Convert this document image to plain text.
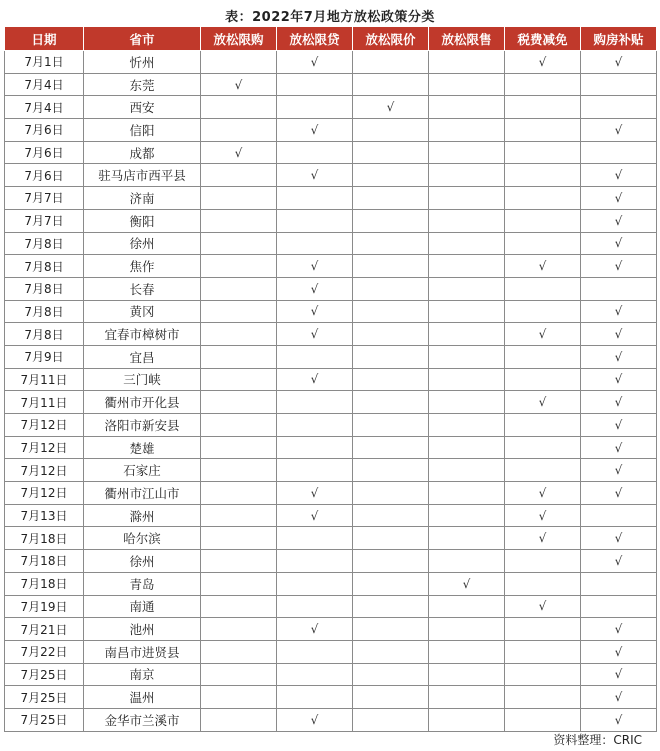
表：2022年7月地方放松政策分类
日期	省市	放松限购	放松限贷	放松限价	放松限售	税费减免	购房补贴
7月1日	忻州		√			√	√
7月4日	东莞	√					
7月4日	西安			√			
7月6日	信阳		√				√
7月6日	成都	√					
7月6日	驻马店市西平县		√				√
7月7日	济南						√
7月7日	衡阳						√
7月8日	徐州						√
7月8日	焦作		√			√	√
7月8日	长春		√				
7月8日	黄冈		√				√
7月8日	宜春市樟树市		√			√	√
7月9日	宜昌						√
7月11日	三门峡		√				√
7月11日	衢州市开化县					√	√
7月12日	洛阳市新安县						√
7月12日	楚雄						√
7月12日	石家庄						√
7月12日	衢州市江山市		√			√	√
7月13日	滁州		√			√	
7月18日	哈尔滨					√	√
7月18日	徐州						√
7月18日	青岛				√		
7月19日	南通					√	
7月21日	池州		√				√
7月22日	南昌市进贤县						√
7月25日	南京						√
7月25日	温州						√
7月25日	金华市兰溪市		√				√
资料整理：CRIC
